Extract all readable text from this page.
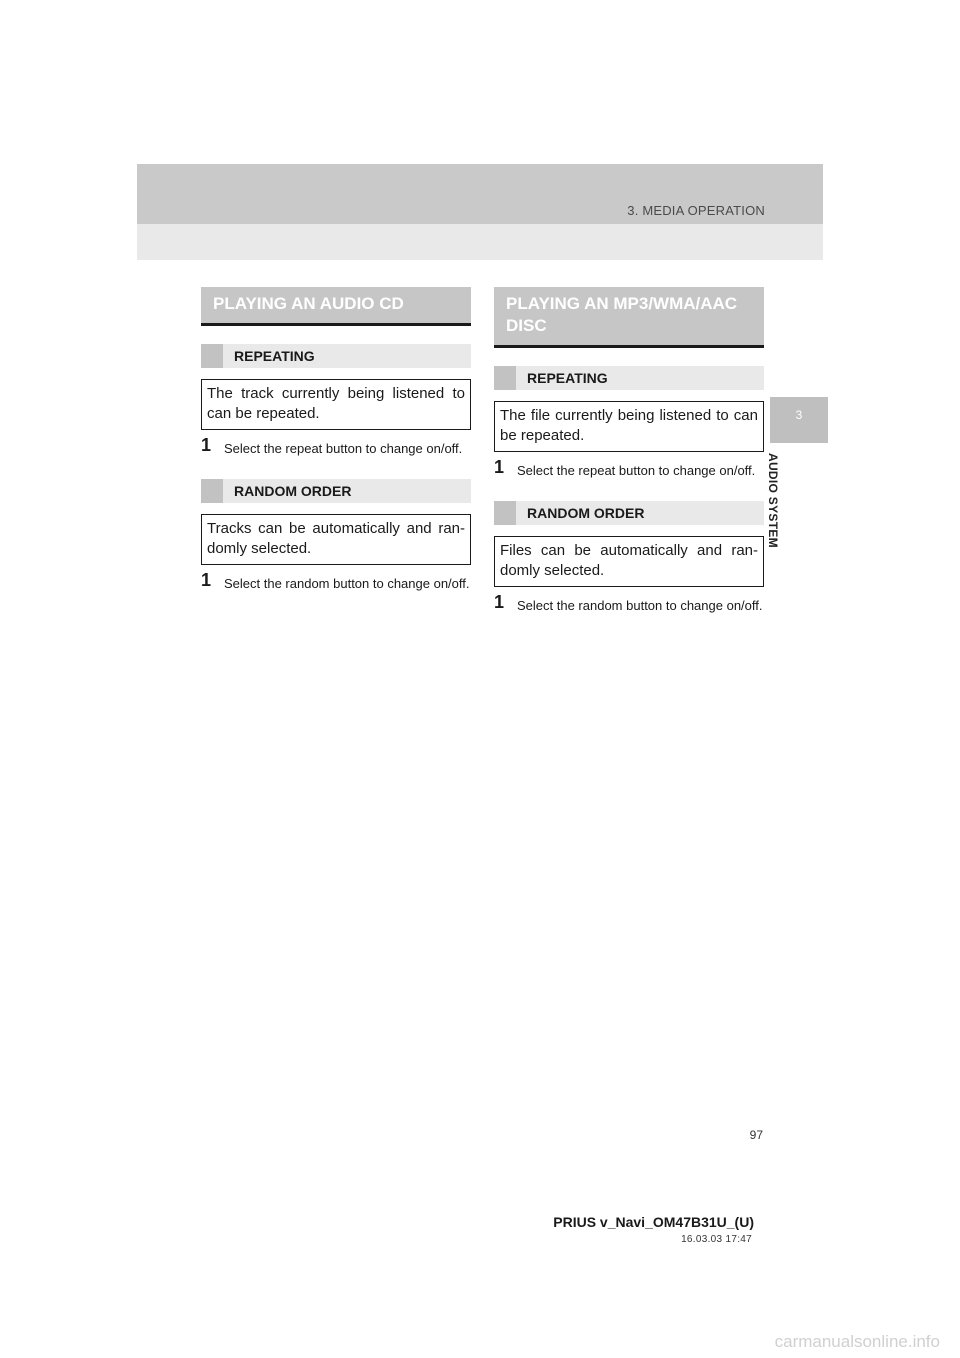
3. MEDIA OPERATION
3
AUDIO SYSTEM
PLAYING AN AUDIO CD
REPEATING
The track currently being listened to can be repeated.
1 Select the repeat button to change on/off.
RANDOM ORDER
Tracks can be automatically and ran-domly selected.
1 Select the random button to change on/off.
PLAYING AN MP3/WMA/AAC DISC
REPEATING
The file currently being listened to can be repeated.
1 Select the repeat button to change on/off.
RANDOM ORDER
Files can be automatically and ran-domly selected.
1 Select the random button to change on/off.
97
PRIUS v_Navi_OM47B31U_(U)
16.03.03 17:47
carmanualsonline.info
